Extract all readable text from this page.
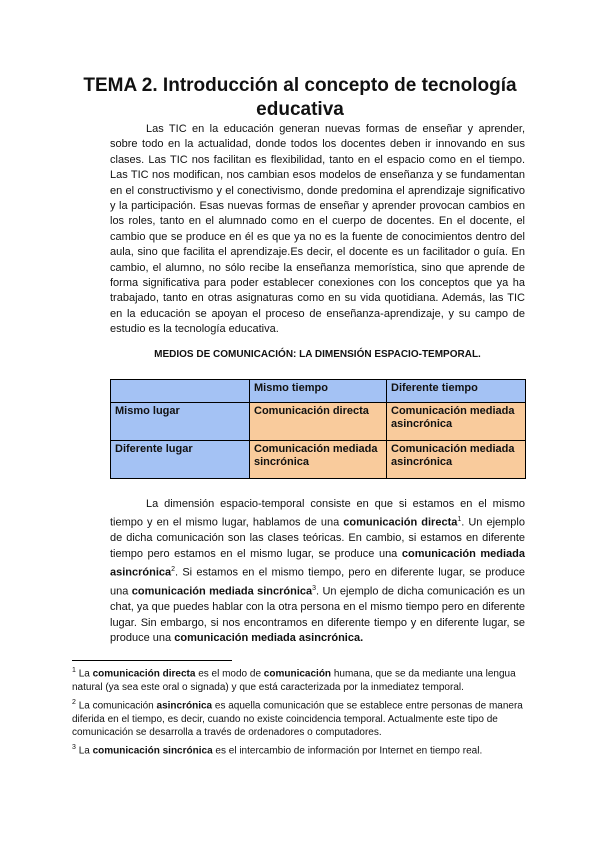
TEMA 2. Introducción al concepto de tecnología educativa

Las TIC en la educación generan nuevas formas de enseñar y aprender, sobre todo en la actualidad, donde todos los docentes deben ir innovando en sus clases. Las TIC nos facilitan es flexibilidad, tanto en el espacio como en el tiempo. Las TIC nos modifican, nos cambian esos modelos de enseñanza y se fundamentan en el constructivismo y el conectivismo, donde predomina el aprendizaje significativo y la participación. Esas nuevas formas de enseñar y aprender provocan cambios en los roles, tanto en el alumnado como en el cuerpo de docentes. En el docente, el cambio que se produce en él es que ya no es la fuente de conocimientos dentro del aula, sino que facilita el aprendizaje.Es decir, el docente es un facilitador o guía. En cambio, el alumno, no sólo recibe la enseñanza memorística, sino que aprende de forma significativa para poder establecer conexiones con los conceptos que ya ha trabajado, tanto en otras asignaturas como en su vida quotidiana. Además, las TIC en la educación se apoyan el proceso de enseñanza-aprendizaje, y su campo de estudio es la tecnología educativa.

MEDIOS DE COMUNICACIÓN: LA DIMENSIÓN ESPACIO-TEMPORAL.

	Mismo tiempo	Diferente tiempo
Mismo lugar	Comunicación directa	Comunicación mediada asincrónica
Diferente lugar	Comunicación mediada sincrónica	Comunicación mediada asincrónica

La dimensión espacio-temporal consiste en que si estamos en el mismo tiempo y en el mismo lugar, hablamos de una comunicación directa$^1$. Un ejemplo de dicha comunicación son las clases teóricas. En cambio, si estamos en diferente tiempo pero estamos en el mismo lugar, se produce una comunicación mediada asincrónica$^2$. Si estamos en el mismo tiempo, pero en diferente lugar, se produce una comunicación mediada sincrónica$^3$. Un ejemplo de dicha comunicación es un chat, ya que puedes hablar con la otra persona en el mismo tiempo pero en diferente lugar. Sin embargo, si nos encontramos en diferente tiempo y en diferente lugar, se produce una comunicación mediada asincrónica.

$^1$ La comunicación directa es el modo de comunicación humana, que se da mediante una lengua natural (ya sea este oral o signada) y que está caracterizada por la inmediatez temporal.

$^2$ La comunicación asincrónica es aquella comunicación que se establece entre personas de manera diferida en el tiempo, es decir, cuando no existe coincidencia temporal. Actualmente este tipo de comunicación se desarrolla a través de ordenadores o computadores.

$^3$ La comunicación sincrónica es el intercambio de información por Internet en tiempo real.
